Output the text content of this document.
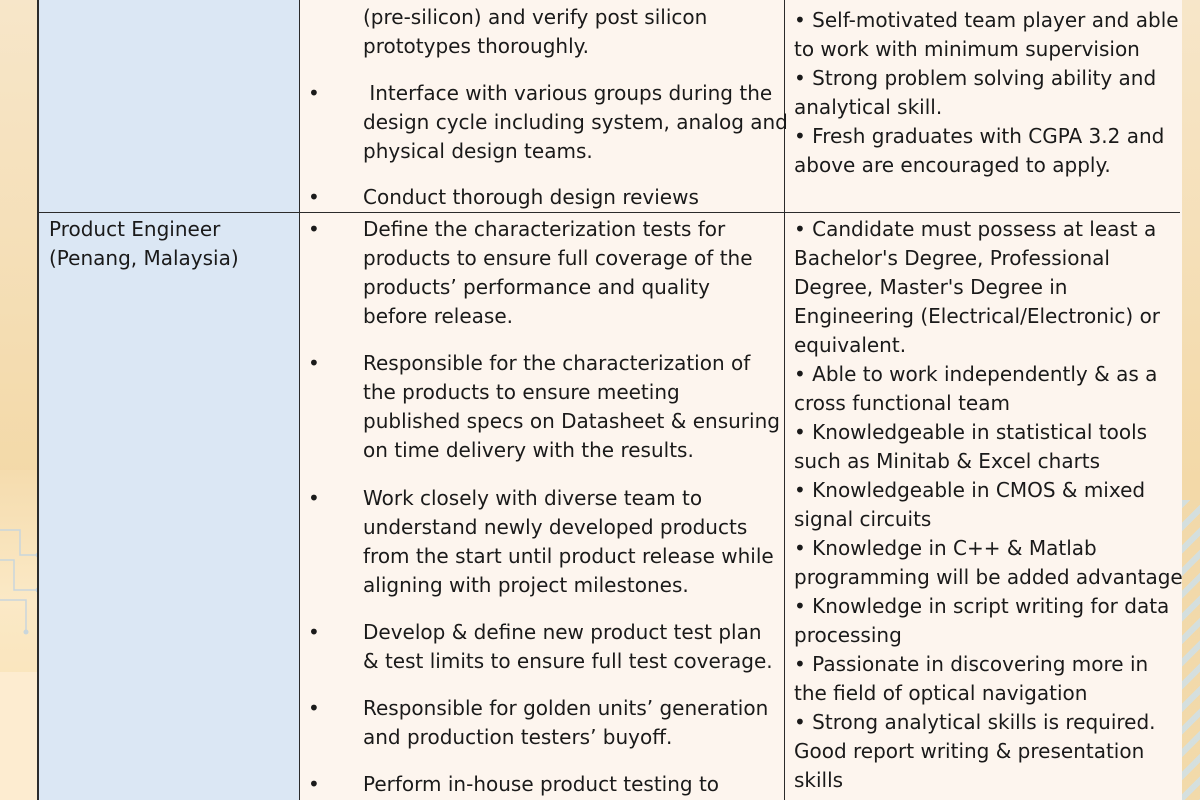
(pre-silicon) and verify post silicon
prototypes thoroughly.
• Interface with various groups during the
design cycle including system, analog and
physical design teams.
• Conduct thorough design reviews
• Self-motivated team player and able
to work with minimum supervision
• Strong problem solving ability and
analytical skill.
• Fresh graduates with CGPA 3.2 and
above are encouraged to apply.
Product Engineer
(Penang, Malaysia)
• Define the characterization tests for
products to ensure full coverage of the
products’ performance and quality
before release.
• Responsible for the characterization of
the products to ensure meeting
published specs on Datasheet & ensuring
on time delivery with the results.
• Work closely with diverse team to
understand newly developed products
from the start until product release while
aligning with project milestones.
• Develop & define new product test plan
& test limits to ensure full test coverage.
• Responsible for golden units’ generation
and production testers’ buyoff.
• Perform in-house product testing to
• Candidate must possess at least a
Bachelor's Degree, Professional
Degree, Master's Degree in
Engineering (Electrical/Electronic) or
equivalent.
• Able to work independently & as a
cross functional team
• Knowledgeable in statistical tools
such as Minitab & Excel charts
• Knowledgeable in CMOS & mixed
signal circuits
• Knowledge in C++ & Matlab
programming will be added advantage
• Knowledge in script writing for data
processing
• Passionate in discovering more in
the field of optical navigation
• Strong analytical skills is required.
Good report writing & presentation
skills
